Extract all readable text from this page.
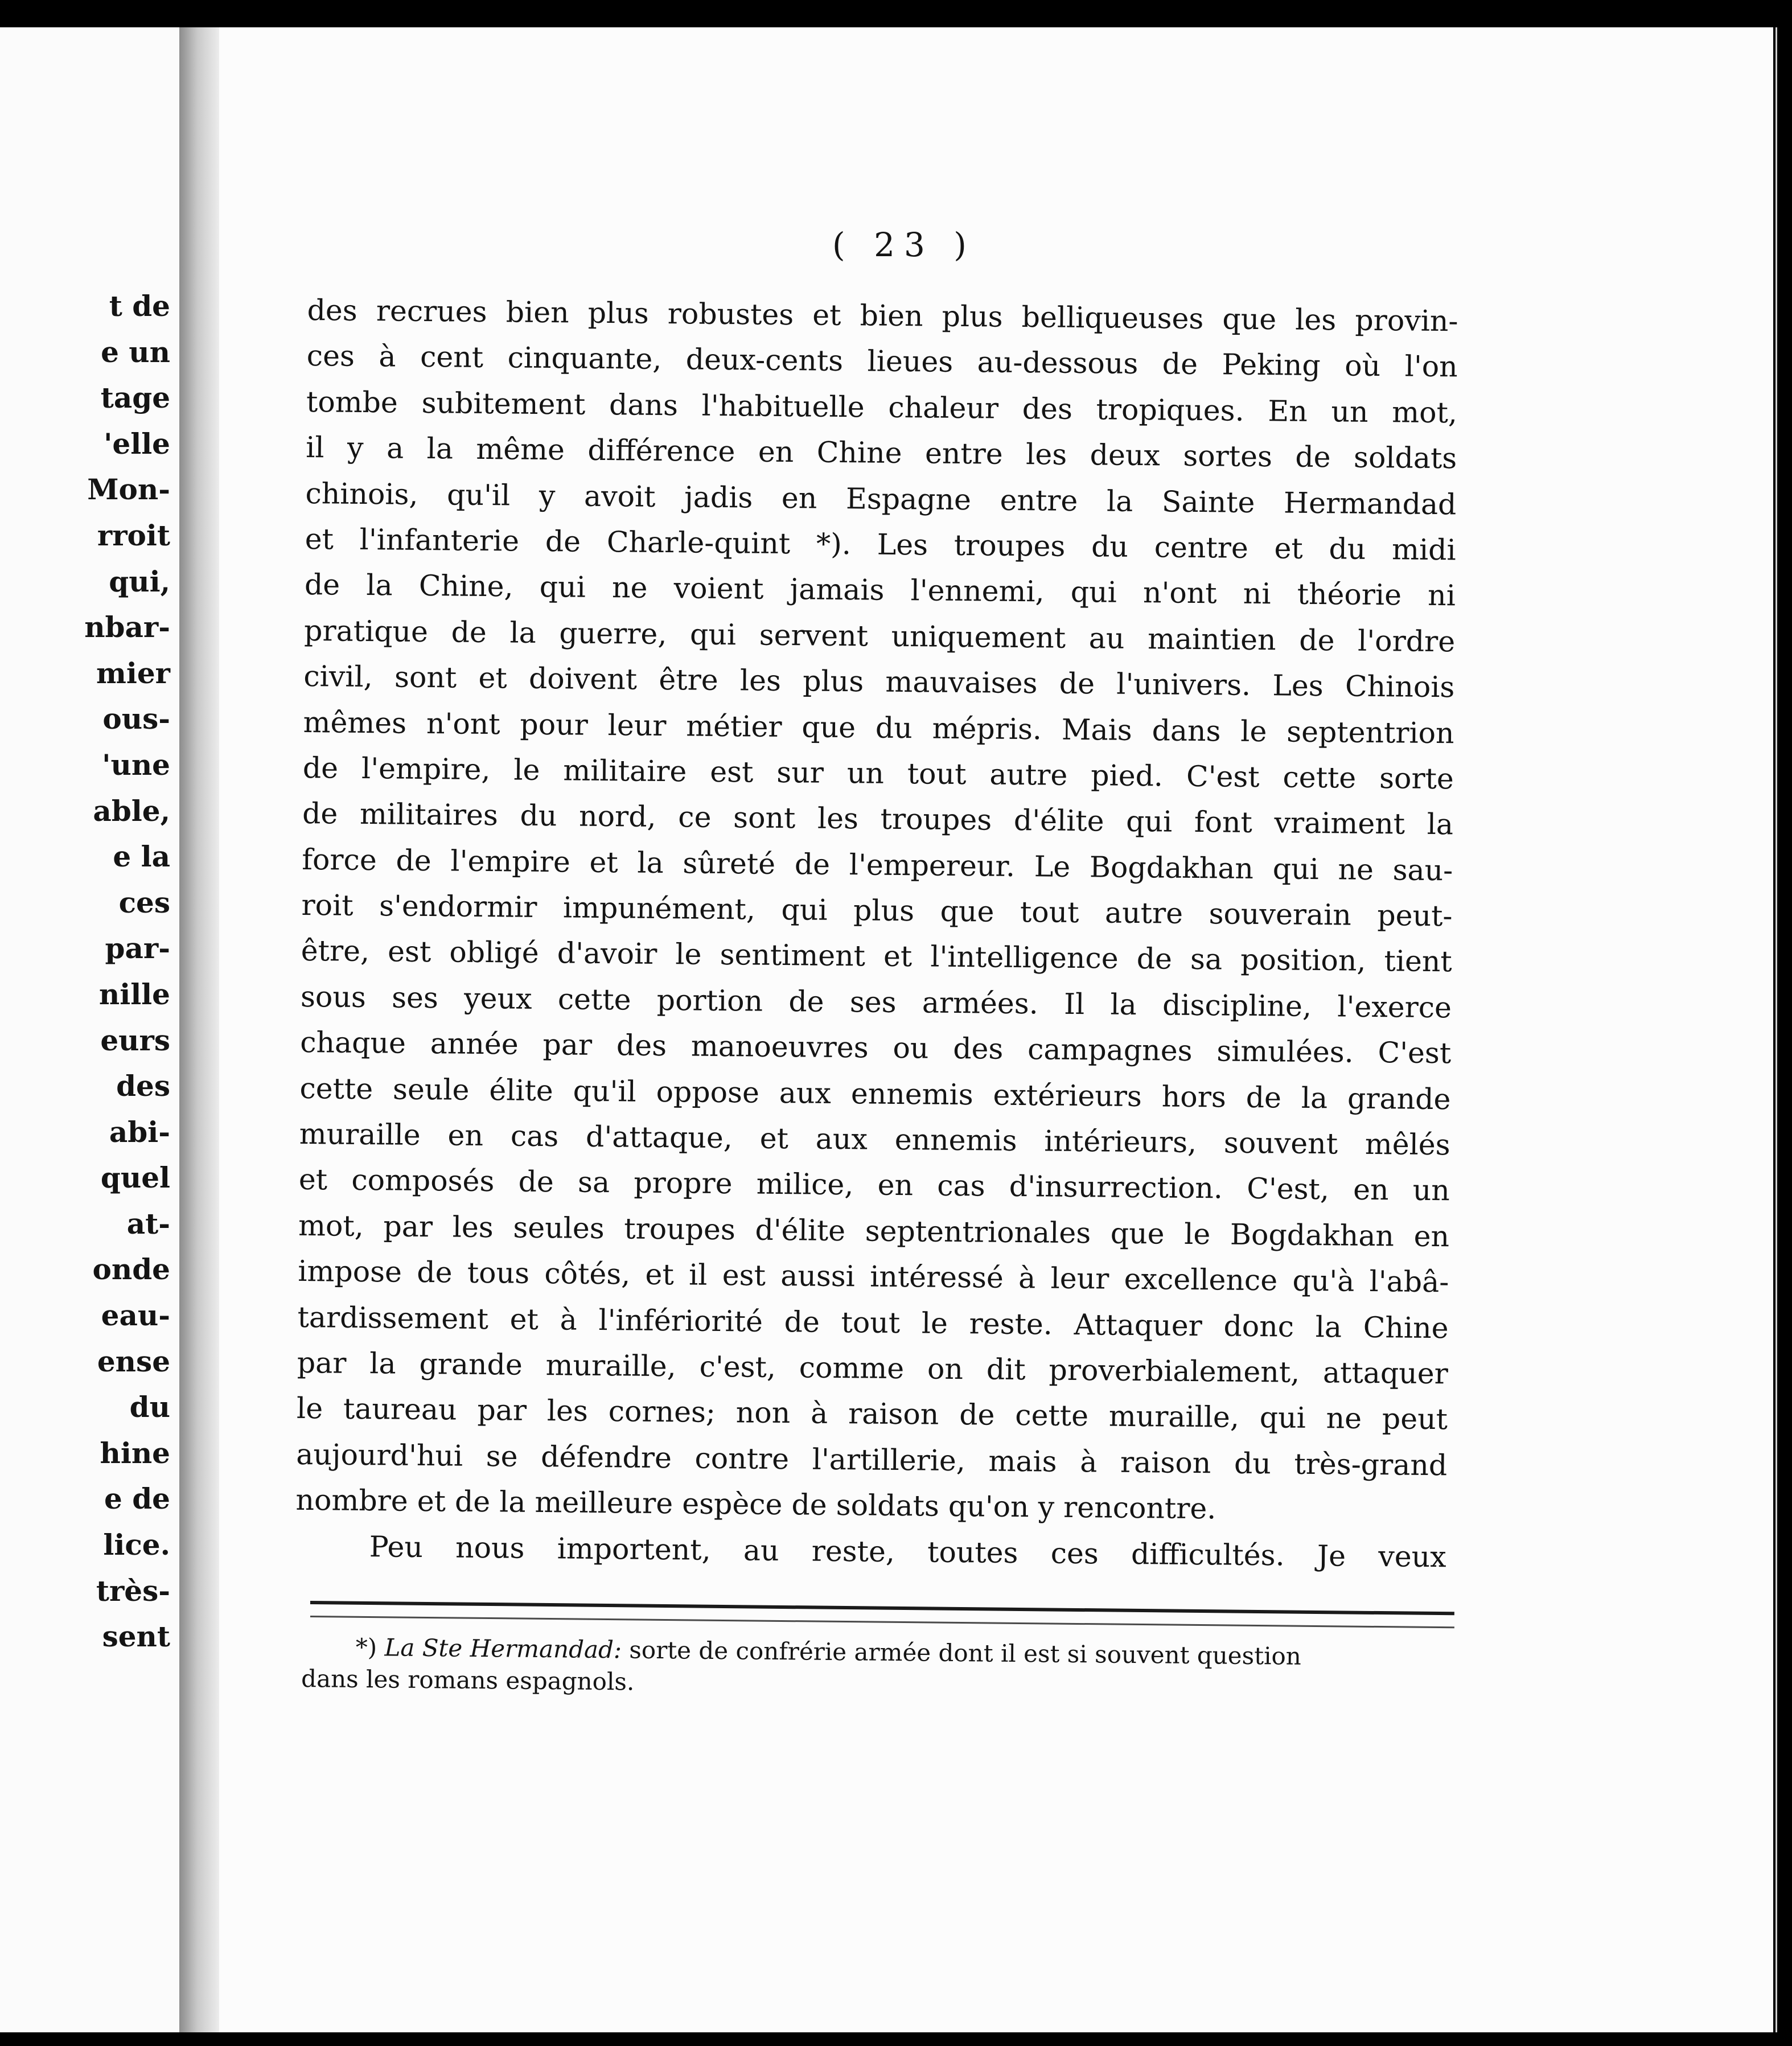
t de
e un
tage
'elle
Mon-
rroit
qui,
nbar-
mier
ous-
'une
able,
e la
ces
par-
nille
eurs
des
abi-
quel
at-
onde
eau-
ense
du
hine
e de
lice.
très-
sent
( 23 )
des recrues bien plus robustes et bien plus belliqueuses que les provin-
ces à cent cinquante, deux-cents lieues au-dessous de Peking où l'on
tombe subitement dans l'habituelle chaleur des tropiques. En un mot,
il y a la même différence en Chine entre les deux sortes de soldats
chinois, qu'il y avoit jadis en Espagne entre la Sainte Hermandad
et l'infanterie de Charle-quint *). Les troupes du centre et du midi
de la Chine, qui ne voient jamais l'ennemi, qui n'ont ni théorie ni
pratique de la guerre, qui servent uniquement au maintien de l'ordre
civil, sont et doivent être les plus mauvaises de l'univers. Les Chinois
mêmes n'ont pour leur métier que du mépris. Mais dans le septentrion
de l'empire, le militaire est sur un tout autre pied. C'est cette sorte
de militaires du nord, ce sont les troupes d'élite qui font vraiment la
force de l'empire et la sûreté de l'empereur. Le Bogdakhan qui ne sau-
roit s'endormir impunément, qui plus que tout autre souverain peut-
être, est obligé d'avoir le sentiment et l'intelligence de sa position, tient
sous ses yeux cette portion de ses armées. Il la discipline, l'exerce
chaque année par des manoeuvres ou des campagnes simulées. C'est
cette seule élite qu'il oppose aux ennemis extérieurs hors de la grande
muraille en cas d'attaque, et aux ennemis intérieurs, souvent mêlés
et composés de sa propre milice, en cas d'insurrection. C'est, en un
mot, par les seules troupes d'élite septentrionales que le Bogdakhan en
impose de tous côtés, et il est aussi intéressé à leur excellence qu'à l'abâ-
tardissement et à l'infériorité de tout le reste. Attaquer donc la Chine
par la grande muraille, c'est, comme on dit proverbialement, attaquer
le taureau par les cornes; non à raison de cette muraille, qui ne peut
aujourd'hui se défendre contre l'artillerie, mais à raison du très-grand
nombre et de la meilleure espèce de soldats qu'on y rencontre.
Peu nous importent, au reste, toutes ces difficultés. Je veux
*) La Ste Hermandad: sorte de confrérie armée dont il est si souvent question
dans les romans espagnols.
